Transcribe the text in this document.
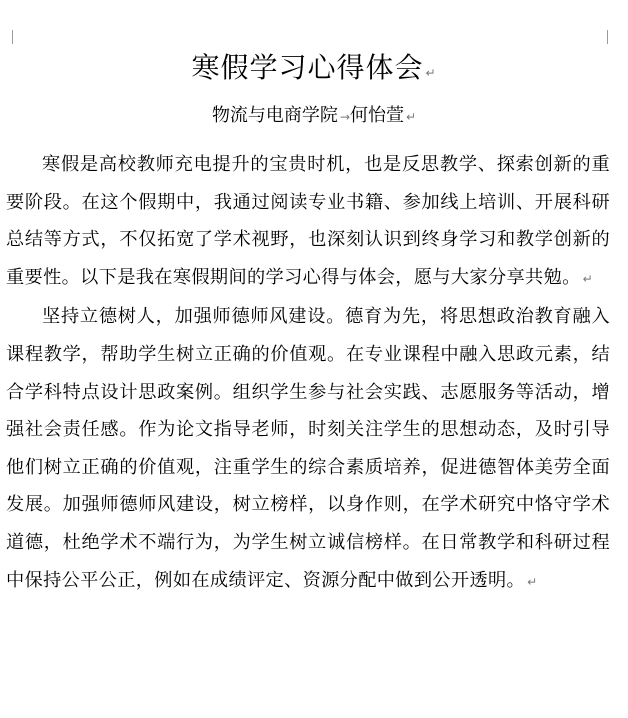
寒假学习心得体会 ↵
物流与电商学院 →何怡萱 ↵

寒假是高校教师充电提升的宝贵时机，也是反思教学、探索创新的重要阶段。在这个假期中，我通过阅读专业书籍、参加线上培训、开展科研总结等方式，不仅拓宽了学术视野，也深刻认识到终身学习和教学创新的重要性。以下是我在寒假期间的学习心得与体会，愿与大家分享共勉。 ↵

坚持立德树人，加强师德师风建设。德育为先，将思想政治教育融入课程教学，帮助学生树立正确的价值观。在专业课程中融入思政元素，结合学科特点设计思政案例。组织学生参与社会实践、志愿服务等活动，增强社会责任感。作为论文指导老师，时刻关注学生的思想动态，及时引导他们树立正确的价值观，注重学生的综合素质培养，促进德智体美劳全面发展。加强师德师风建设，树立榜样，以身作则，在学术研究中恪守学术道德，杜绝学术不端行为，为学生树立诚信榜样。在日常教学和科研过程中保持公平公正，例如在成绩评定、资源分配中做到公开透明。 ↵
